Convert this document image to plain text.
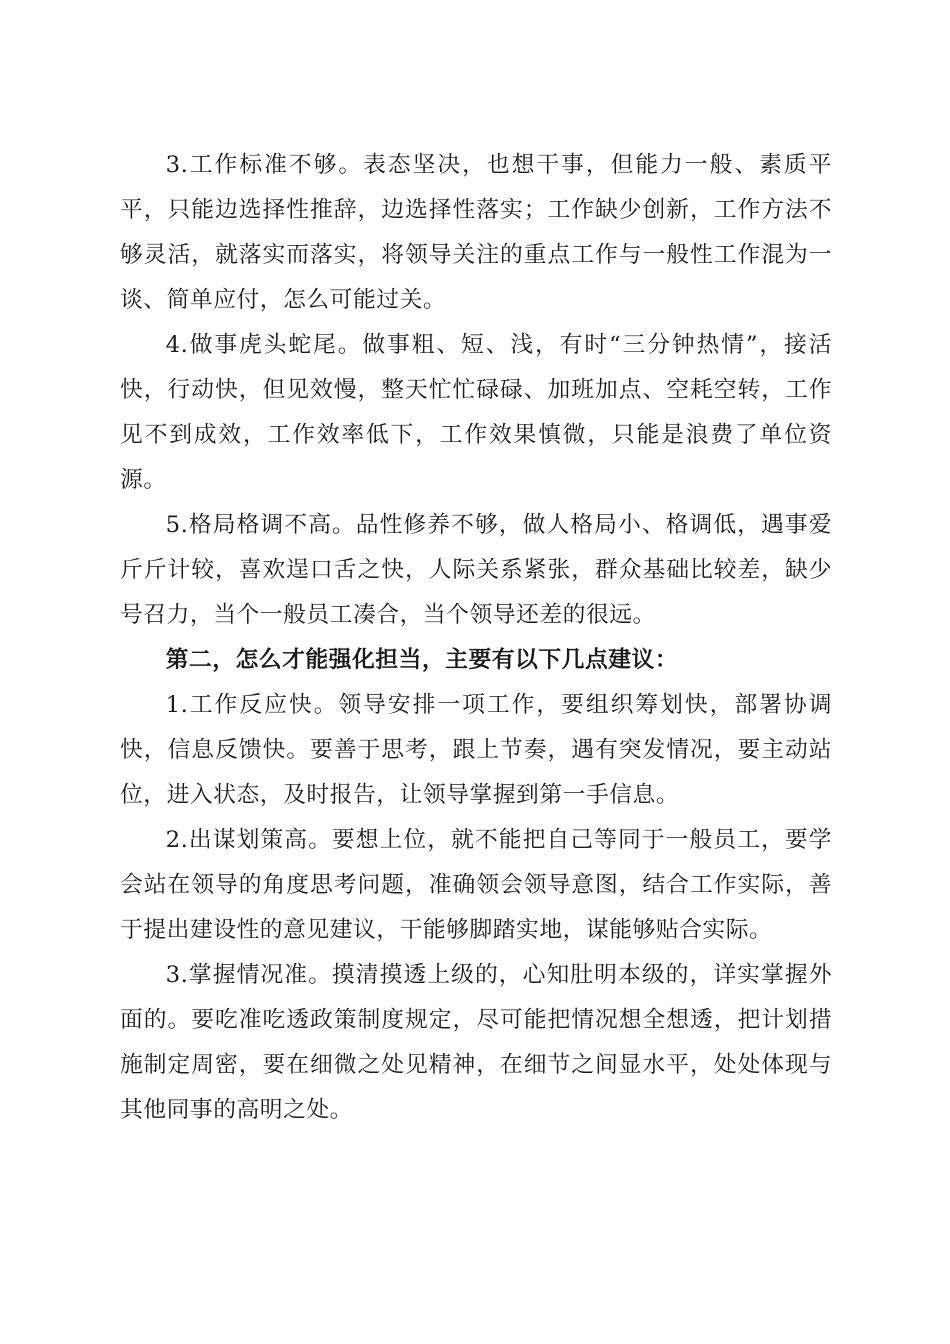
3.工作标准不够。表态坚决，也想干事，但能力一般、素质平平，只能边选择性推辞，边选择性落实；工作缺少创新，工作方法不够灵活，就落实而落实，将领导关注的重点工作与一般性工作混为一谈、简单应付，怎么可能过关。

4.做事虎头蛇尾。做事粗、短、浅，有时“三分钟热情”，接活快，行动快，但见效慢，整天忙忙碌碌、加班加点、空耗空转，工作见不到成效，工作效率低下，工作效果慎微，只能是浪费了单位资源。

5.格局格调不高。品性修养不够，做人格局小、格调低，遇事爱斤斤计较，喜欢逞口舌之快，人际关系紧张，群众基础比较差，缺少号召力，当个一般员工凑合，当个领导还差的很远。

第二，怎么才能强化担当，主要有以下几点建议：

1.工作反应快。领导安排一项工作，要组织筹划快，部署协调快，信息反馈快。要善于思考，跟上节奏，遇有突发情况，要主动站位，进入状态，及时报告，让领导掌握到第一手信息。

2.出谋划策高。要想上位，就不能把自己等同于一般员工，要学会站在领导的角度思考问题，准确领会领导意图，结合工作实际，善于提出建设性的意见建议，干能够脚踏实地，谋能够贴合实际。

3.掌握情况准。摸清摸透上级的，心知肚明本级的，详实掌握外面的。要吃准吃透政策制度规定，尽可能把情况想全想透，把计划措施制定周密，要在细微之处见精神，在细节之间显水平，处处体现与其他同事的高明之处。
